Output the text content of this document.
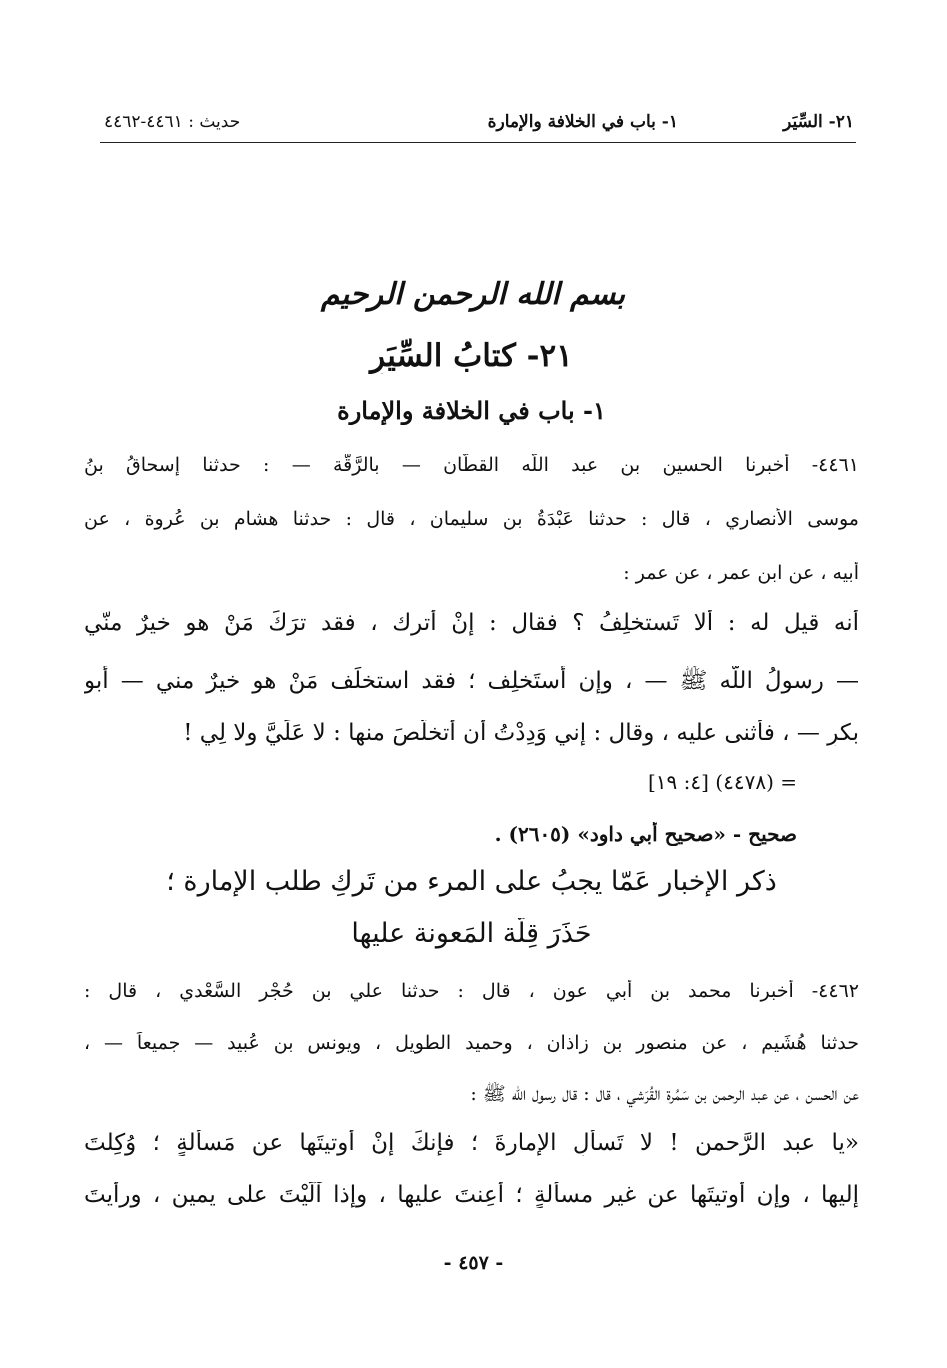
٢١- السِّيَر
١- باب في الخلافة والإمارة
حديث : ٤٤٦١-٤٤٦٢
بسم الله الرحمن الرحيم
٢١- كتابُ السِّيَرِ
١- باب في الخلافة والإمارة
٤٤٦١- أخبرنا الحسين بن عبد اللّه القطّان — بالرَّقّة — : حدثنا إسحاقُ بنُ
موسى الأنصاري ، قال : حدثنا عَبْدَةُ بن سليمان ، قال : حدثنا هشام بن عُروة ، عن
أبيه ، عن ابن عمر ، عن عمر :
أنه قيل له : ألا تَستخلِفُ ؟ فقال : إنْ أترك ، فقد ترَكَ مَنْ هو خيرٌ منّي
— رسولُ اللّه ﷺ — ، وإن أَستَخلِف ؛ فقد استخلَف مَنْ هو خيرٌ مني — أبو
بكرٍ — ، فأثنى عليه ، وقال : إني وَدِدْتُ أن أتخلَّصَ منها : لا عَلَيَّ ولا لِي !
= (٤٤٧٨) [٤: ١٩]
صحيح - «صحيح أبي داود» (٢٦٠٥) .
ذكر الإخبار عَمّا يجبُ على المرء من تَركِ طلب الإمارة ؛
حَذَرَ قِلّة المَعونة عليها
٤٤٦٢- أخبرنا محمد بن أبي عون ، قال : حدثنا علي بن حُجْر السَّعْدي ، قال :
حدثنا هُشَيم ، عن منصور بن زاذان ، وحميد الطويل ، ويونس بن عُبيد — جميعاً — ،
عن الحسن ، عن عبد الرحمن بن سَمُرة القُرَشي ، قال : قال رسول اللّه ﷺ :
«يا عبد الرَّحمن ! لا تَسأَلِ الإمارةَ ؛ فإنكَ إنْ أُوتيتَها عن مَسألةٍ ؛ وُكِلتَ
إليها ، وإن أُوتيتَها عن غير مسألةٍ ؛ أُعِنتَ عليها ، وإذا آلَيْتَ على يمينٍ ، ورأيتَ
- ٤٥٧ -
